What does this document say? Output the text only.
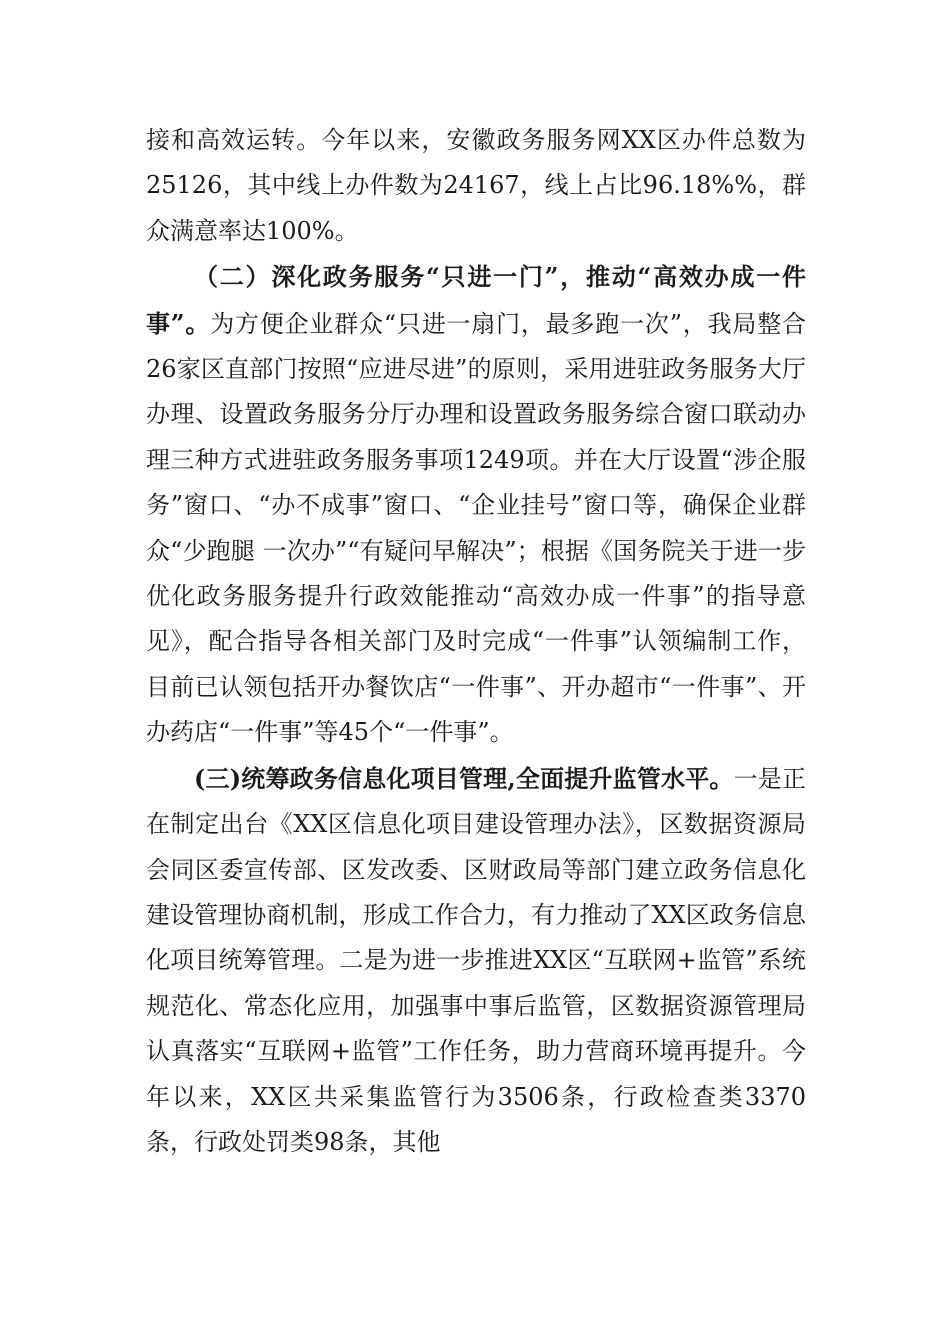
接和高效运转。今年以来，安徽政务服务网XX区办件总数为25126，其中线上办件数为24167，线上占比96.18%%，群众满意率达100%。

（二）深化政务服务“只进一门”，推动“高效办成一件事”。为方便企业群众“只进一扇门，最多跑一次”，我局整合26家区直部门按照“应进尽进”的原则，采用进驻政务服务大厅办理、设置政务服务分厅办理和设置政务服务综合窗口联动办理三种方式进驻政务服务事项1249项。并在大厅设置“涉企服务”窗口、“办不成事”窗口、“企业挂号”窗口等，确保企业群众“少跑腿 一次办”“有疑问早解决”；根据《国务院关于进一步优化政务服务提升行政效能推动“高效办成一件事”的指导意见》，配合指导各相关部门及时完成“一件事”认领编制工作，目前已认领包括开办餐饮店“一件事”、开办超市“一件事”、开办药店“一件事”等45个“一件事”。

(三)统筹政务信息化项目管理,全面提升监管水平。一是正在制定出台《XX区信息化项目建设管理办法》，区数据资源局会同区委宣传部、区发改委、区财政局等部门建立政务信息化建设管理协商机制，形成工作合力，有力推动了XX区政务信息化项目统筹管理。二是为进一步推进XX区“互联网+监管”系统规范化、常态化应用，加强事中事后监管，区数据资源管理局认真落实“互联网+监管”工作任务，助力营商环境再提升。今年以来，XX区共采集监管行为3506条，行政检查类3370条，行政处罚类98条，其他
